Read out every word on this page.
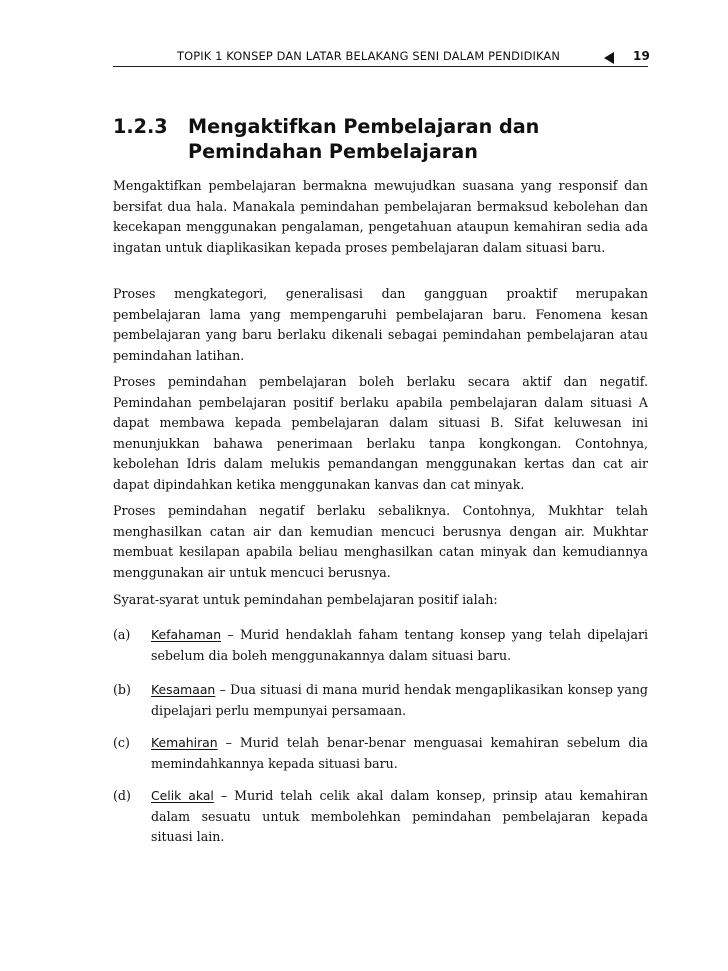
TOPIK 1 KONSEP DAN LATAR BELAKANG SENI DALAM PENDIDIKAN	19
1.2.3 Mengaktifkan Pembelajaran dan Pemindahan Pembelajaran

Mengaktifkan pembelajaran bermakna mewujudkan suasana yang responsif dan bersifat dua hala. Manakala pemindahan pembelajaran bermaksud kebolehan dan kecekapan menggunakan pengalaman, pengetahuan ataupun kemahiran sedia ada ingatan untuk diaplikasikan kepada proses pembelajaran dalam situasi baru.

Proses mengkategori, generalisasi dan gangguan proaktif merupakan pembelajaran lama yang mempengaruhi pembelajaran baru. Fenomena kesan pembelajaran yang baru berlaku dikenali sebagai pemindahan pembelajaran atau pemindahan latihan.

Proses pemindahan pembelajaran boleh berlaku secara aktif dan negatif. Pemindahan pembelajaran positif berlaku apabila pembelajaran dalam situasi A dapat membawa kepada pembelajaran dalam situasi B. Sifat keluwesan ini menunjukkan bahawa penerimaan berlaku tanpa kongkongan. Contohnya, kebolehan Idris dalam melukis pemandangan menggunakan kertas dan cat air dapat dipindahkan ketika menggunakan kanvas dan cat minyak.

Proses pemindahan negatif berlaku sebaliknya. Contohnya, Mukhtar telah menghasilkan catan air dan kemudian mencuci berusnya dengan air. Mukhtar membuat kesilapan apabila beliau menghasilkan catan minyak dan kemudiannya menggunakan air untuk mencuci berusnya.

Syarat-syarat untuk pemindahan pembelajaran positif ialah:

(a)	Kefahaman – Murid hendaklah faham tentang konsep yang telah dipelajari sebelum dia boleh menggunakannya dalam situasi baru.
(b)	Kesamaan – Dua situasi di mana murid hendak mengaplikasikan konsep yang dipelajari perlu mempunyai persamaan.
(c)	Kemahiran – Murid telah benar-benar menguasai kemahiran sebelum dia memindahkannya kepada situasi baru.
(d)	Celik akal – Murid telah celik akal dalam konsep, prinsip atau kemahiran dalam sesuatu untuk membolehkan pemindahan pembelajaran kepada situasi lain.
